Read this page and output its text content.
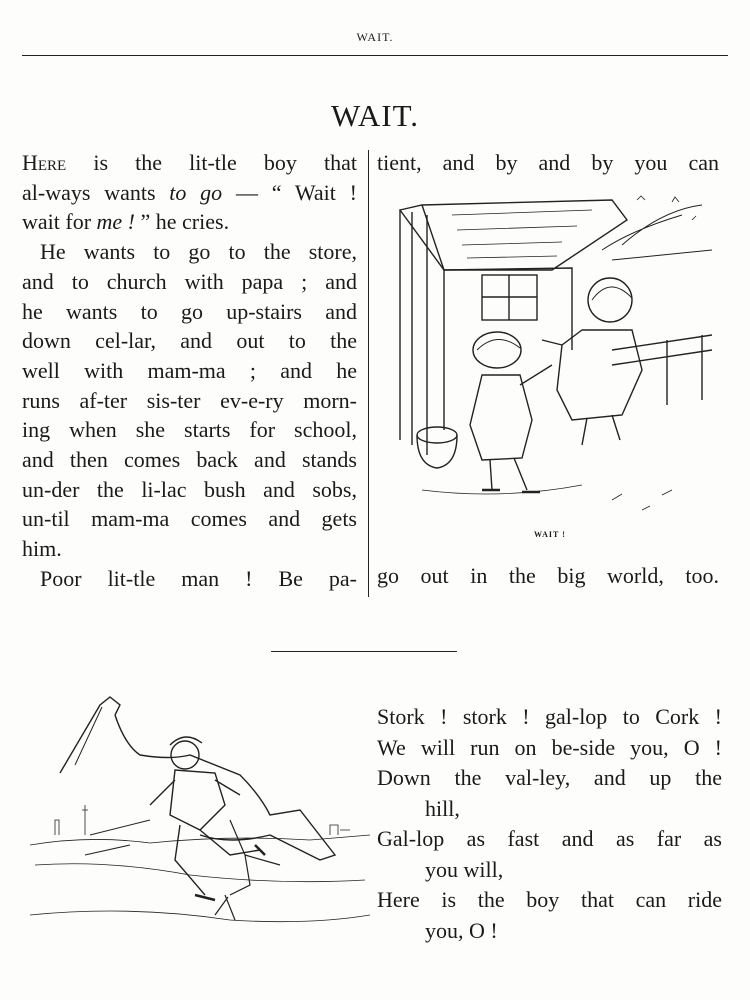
WAIT.
WAIT.
Here is the lit-tle boy that
al-ways wants to go — “ Wait !
wait for me ! ” he cries.
He wants to go to the store,
and to church with papa ; and
he wants to go up-stairs and
down cel-lar, and out to the
well with mam-ma ; and he
runs af-ter sis-ter ev-e-ry morn-
ing when she starts for school,
and then comes back and stands
un-der the li-lac bush and sobs,
un-til mam-ma comes and gets
him.
Poor lit-tle man ! Be pa-
tient, and by and by you can
WAIT !
go out in the big world, too.
Stork ! stork ! gal-lop to Cork !
We will run on be-side you, O !
Down the val-ley, and up the
hill,
Gal-lop as fast and as far as
you will,
Here is the boy that can ride
you, O !
